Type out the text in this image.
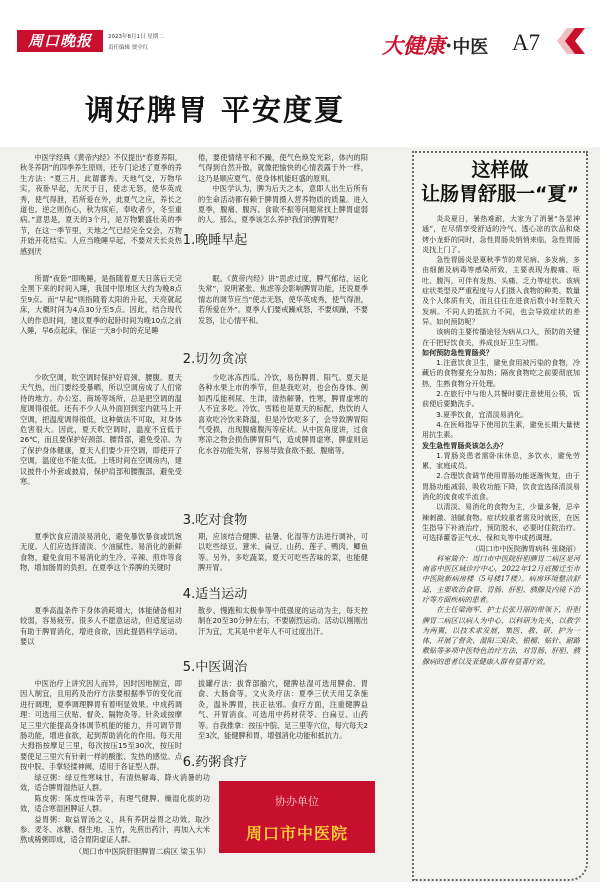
周口晚报	2023年8月1日 星期二
责任编辑 贾全红	大健康·中医 A7
调好脾胃 平安度夏

中医学经典《黄帝内经》不仅提出“春夏养阳，秋冬养阴”的四季养生原则，还专门论述了夏季的养生方法：“夏三月，此谓蕃秀。天地气交，万物华实，夜卧早起，无厌于日，使志无怒，使华英成秀，使气得泄，若所爱在外，此夏气之应，养长之道也。逆之则伤心，秋为痎疟，奉收者少，冬至重病。”意思是，夏天的3个月，是万物繁盛壮美的季节，在这一季节里，天地之气已经完全交会，万物开始开花结实。人应当晚睡早起，不要对天长炎热感到厌

倦，要使情绪平和不躁，使气色焕发光彩，体内的阳气得到自然升散，就像把愉快的心情表露于外一样，这乃是顺应夏气、使身体机能旺盛的原则。

中医学认为，脾为后天之本，意即人出生后所有的生命活动都有赖于脾胃摄入营养物质的质量。进入夏季，腹痛、腹泻、食欲不振等问题常找上脾胃虚弱的人。那么，夏季该怎么养护我们的脾胃呢？

1.晚睡早起

所谓“夜卧”即晚睡，是指随着夏天日落后天完全黑下来的时间入睡，我国中原地区大约为晚8点至9点。而“早起”则指随着太阳的升起，天亮就起床，大概时间为4点30分至5点。因此，结合现代人的作息时间，建议夏季的起卧时间为晚10点之前入睡，早6点起床，保证一天8小时的充足睡

眠。《黄帝内经》讲“思虑过度，脾气郁结，运化失常”，说明紧张、焦虑等会影响脾胃功能，还说夏季情志的调节应当“使志无怒，使华英成秀，使气得泄，若所爱在外”。夏季人们要戒躁戒怒，不要烦躁，不要发怒，让心情平和。

2.切勿贪凉

少吹空调，吹空调时保护好肩颈、腰腹。夏天天气热，出门要经受暴晒，所以空调房成了人们常待的地方。办公室、商场等场所，总是把空调的温度调得很低。还有不少人从外面回到室内就马上开空调，把温度调得很低，这种做法不可取，对身体危害很大。因此，夏天吹空调时，温度不宜低于26℃，而且要保护好颈部、腰背部，避免受凉。为了保护身体健康，夏天人们要少开空调，即使开了空调，温度也不能太低。上班时间在空调房内，建议披件小外套或披肩，保护肩部和腰腹部，避免受寒。

少吃冰冻西瓜、冷饮，易伤脾胃、阳气。夏天是各种水果上市的季节，但是我吃对，也会伤身体。例如西瓜能利尿、生津，清热解暑，性寒，脾胃虚寒的人不宜多吃。冷饮、雪糕也是夏天的标配，热饮的人喜欢吃冷饮来降温，但是冷饮吃多了，会导致脾胃阳气受损，出现腹痛腹泻等症状。从中医角度讲，过食寒凉之物会损伤脾胃阳气，造成脾胃虚寒，脾虚则运化水谷功能失常，容易导致食欲不振、腹痛等。

3.吃对食物

夏季饮食应清淡易消化，避免暴饮暴食或饥饱无度。人们应选择清淡、少油腻性、易消化的新鲜食物，避免食用不易消化的生冷、辛辣、煎炸等食物，增加肠胃的负担。在夏季这个养脾的关键时

期，应该结合健脾、祛暑、化湿等方法进行调补，可以吃些绿豆、薏米、扁豆、山药、莲子、鸭肉、鲫鱼等。另外，多吃蔬菜，夏天可吃些苦味的菜，也能健脾开胃。

4.适当运动

夏季高温条件下身体消耗增大，体能储备相对较弱，容易疲劳。很多人不愿意运动，但适度运动有助于脾胃消化，增进食欲，因此提倡科学运动。要以

散步、慢跑和太极拳等中低强度的运动为主，每天控制在20至30分钟左右，不要剧烈运动。活动以刚刚出汗为宜，尤其是中老年人不可过度出汗。

5.中医调治

中医治疗上讲究因人而异，因时因地制宜，即因人制宜，且用药及治疗方法要根据季节的变化而进行调理，夏季调理脾胃有着明显效果。中成药调理：可选用三伏贴、督灸、隔物灸等。针灸或按摩足三里穴能提高身体调节机能的能力，并可调节胃肠功能，增进食欲，起到帮助消化的作用。每天用大拇指按摩足三里，每次按压15至30次，按压时要使足三里穴有针刺一样的酸胀、发热的感觉。点按中脘、手掌轻揉神阙，适用于各证型人群。

拔罐疗法：拔背部腧穴，健脾祛湿可选用脾俞、胃俞、大肠俞等。文火灸疗法：夏季三伏天用艾条施灸，温补脾胃，扶正祛邪。食疗方面，注重健脾益气、开胃消食。可选用中药材茯苓、白扁豆、山药等。自我推拿：按压中脘、足三里等穴位，每穴每天2至3次，能健脾和胃，增强消化功能和抵抗力。

6.药粥食疗

绿豆粥：绿豆性寒味甘，有清热解毒、降火消暑的功效，适合脾胃湿热证人群。

陈皮粥：陈皮性味苦辛，有理气健脾、燥湿化痰的功效，适合寒湿困脾证人群。

益胃粥：取益胃汤之义，具有养阴益胃之功效。取沙参、麦冬、冰糖、细生地、玉竹，先煎出药汁，再加入大米熬成稀粥即成，适合胃阴虚证人群。

（周口市中医院肝胆脾胃二病区 梁玉华）

协办单位
周口市中医院
这样做
让肠胃舒服一“夏”

炎炎夏日，暑热难耐，大家为了消暑“各显神通”，在尽情享受舒适的冷气、透心凉的饮品和烧烤小龙虾的同时，急性胃肠炎悄悄来临，急性胃肠炎找上门了。

急性胃肠炎是夏秋季节的常见病、多发病，多由细菌及病毒等感染所致，主要表现为腹痛、呕吐、腹泻，可伴有发热、头痛、乏力等症状。该病症状类型及严重程度与人们摄入食物的种类、数量及个人体质有关，而且往往在进食后数小时至数天发病。不同人的抵抗力不同，也会导致症状的差异。如何预防呢？

该病的主要传播途径为病从口入，预防的关键在于把好饮食关，养成良好卫生习惯。

如何预防急性胃肠炎？

1.注意饮食卫生，避免食用被污染的食物，冷藏后的食物要充分加热；隔夜食物吃之前要彻底加热，生熟食物分开处理。

2.在旅行中与他人共餐时要注意使用公筷，饭前便后要勤洗手。

3.夏季饮食，宜清淡易消化。

4.在医师指导下使用抗生素，避免长期大量使用抗生素。

发生急性胃肠炎该怎么办？

1.胃肠炎患者需卧床休息，多饮水，避免劳累，家庭成员。

2.合理饮食调节使用胃肠功能逐渐恢复，由于胃肠功能减弱，吸收功能下降，饮食宜选择清淡易消化的流食或半流食。

以清淡、易消化的食物为主，少量多餐，忌辛辣刺激、油腻食物。症状较重者需及时就医，在医生指导下补液治疗，预防脱水，必要时住院治疗。可选择藿香正气水、保和丸等中成药调理。

（周口市中医院脾胃病科 张晓丽）

科室简介：周口市中医院肝胆脾胃二病区是河南省中医区域诊疗中心，2022年12月底搬迁至市中医院新病房楼（5号楼17楼）。病房环境整洁舒适，主要收治食管、胃肠、肝胆、胰腺及内镜下治疗等方面疾病的患者。

在主任梁海军、护士长张月丽的带领下，肝胆脾胃二病区以病人为中心，以科研为先头，以教学为两翼，以技术求发展，集医、教、研、护为一体，开展了督灸、温阳三阳灸、银榴、贴针、耐路敷贴等多项中医特色治疗方法，对胃肠、肝胆、胰腺病的患者以及亚健康人群有显著疗效。
